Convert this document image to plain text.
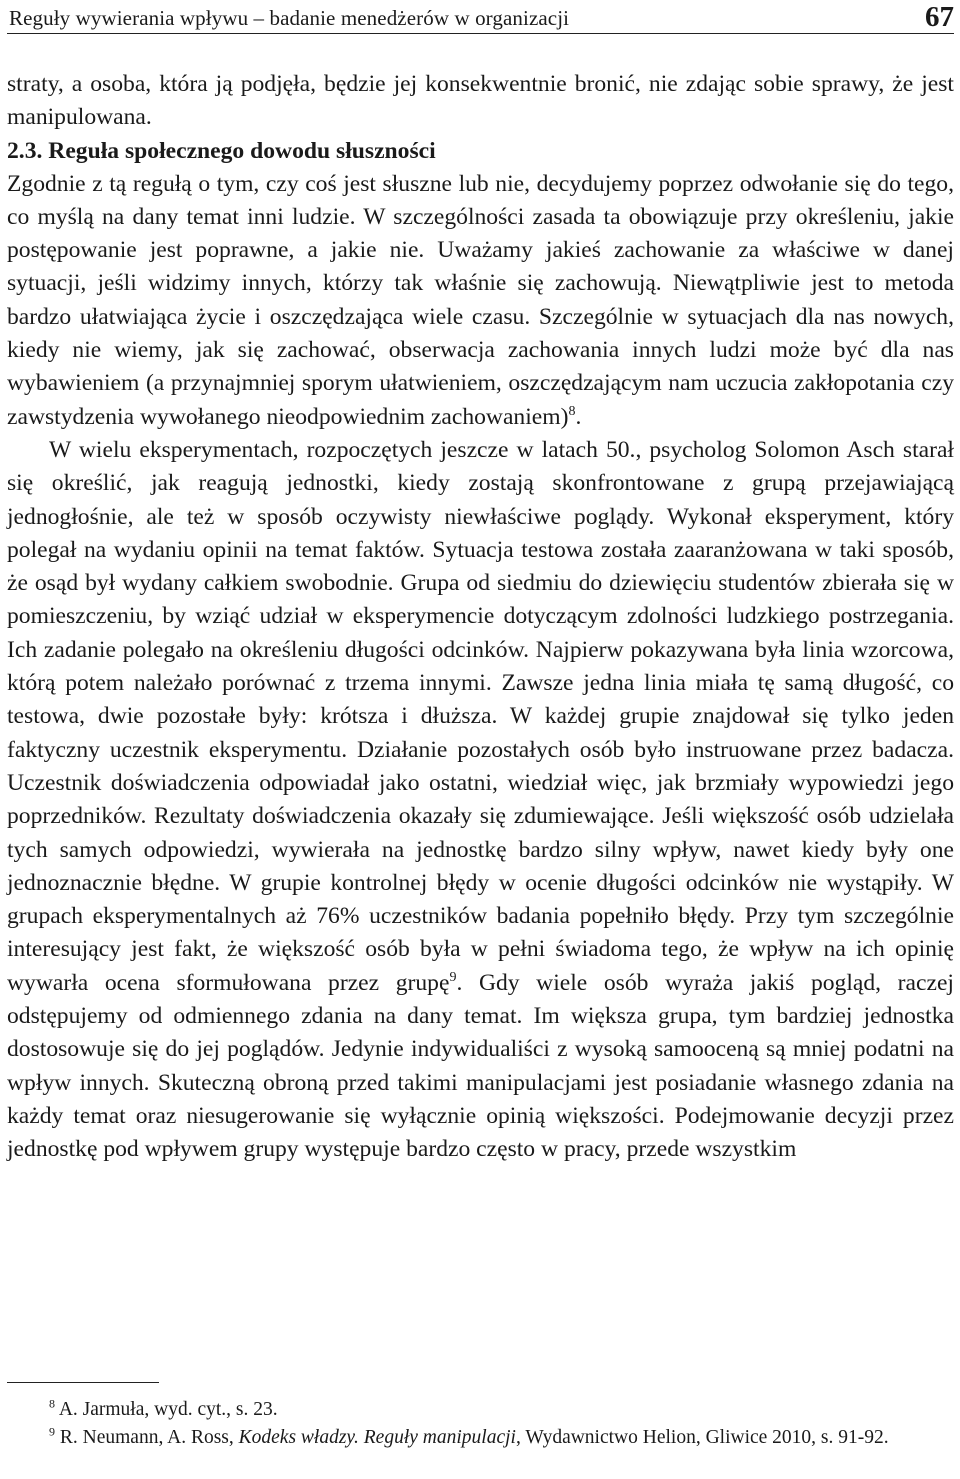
Reguły wywierania wpływu – badanie menedżerów w organizacji	67

straty, a osoba, która ją podjęła, będzie jej konsekwentnie bronić, nie zdając sobie sprawy, że jest manipulowana.

2.3. Reguła społecznego dowodu słuszności

Zgodnie z tą regułą o tym, czy coś jest słuszne lub nie, decydujemy poprzez odwołanie się do tego, co myślą na dany temat inni ludzie. W szczególności zasada ta obowiązuje przy określeniu, jakie postępowanie jest poprawne, a jakie nie. Uważamy jakieś zachowanie za właściwe w danej sytuacji, jeśli widzimy innych, którzy tak właśnie się zachowują. Niewątpliwie jest to metoda bardzo ułatwiająca życie i oszczędzająca wiele czasu. Szczególnie w sytuacjach dla nas nowych, kiedy nie wiemy, jak się zachować, obserwacja zachowania innych ludzi może być dla nas wybawieniem (a przynajmniej sporym ułatwieniem, oszczędzającym nam uczucia zakłopotania czy zawstydzenia wywołanego nieodpowiednim zachowaniem)$^8$.

W wielu eksperymentach, rozpoczętych jeszcze w latach 50., psycholog Solomon Asch starał się określić, jak reagują jednostki, kiedy zostają skonfrontowane z grupą przejawiającą jednogłośnie, ale też w sposób oczywisty niewłaściwe poglądy. Wykonał eksperyment, który polegał na wydaniu opinii na temat faktów. Sytuacja testowa została zaaranżowana w taki sposób, że osąd był wydany całkiem swobodnie. Grupa od siedmiu do dziewięciu studentów zbierała się w pomieszczeniu, by wziąć udział w eksperymencie dotyczącym zdolności ludzkiego postrzegania. Ich zadanie polegało na określeniu długości odcinków. Najpierw pokazywana była linia wzorcowa, którą potem należało porównać z trzema innymi. Zawsze jedna linia miała tę samą długość, co testowa, dwie pozostałe były: krótsza i dłuższa. W każdej grupie znajdował się tylko jeden faktyczny uczestnik eksperymentu. Działanie pozostałych osób było instruowane przez badacza. Uczestnik doświadczenia odpowiadał jako ostatni, wiedział więc, jak brzmiały wypowiedzi jego poprzedników. Rezultaty doświadczenia okazały się zdumiewające. Jeśli większość osób udzielała tych samych odpowiedzi, wywierała na jednostkę bardzo silny wpływ, nawet kiedy były one jednoznacznie błędne. W grupie kontrolnej błędy w ocenie długości odcinków nie wystąpiły. W grupach eksperymentalnych aż 76% uczestników badania popełniło błędy. Przy tym szczególnie interesujący jest fakt, że większość osób była w pełni świadoma tego, że wpływ na ich opinię wywarła ocena sformułowana przez grupę$^9$. Gdy wiele osób wyraża jakiś pogląd, raczej odstępujemy od odmiennego zdania na dany temat. Im większa grupa, tym bardziej jednostka dostosowuje się do jej poglądów. Jedynie indywidualiści z wysoką samooceną są mniej podatni na wpływ innych. Skuteczną obroną przed takimi manipulacjami jest posiadanie własnego zdania na każdy temat oraz niesugerowanie się wyłącznie opinią większości. Podejmowanie decyzji przez jednostkę pod wpływem grupy występuje bardzo często w pracy, przede wszystkim

$^8$ A. Jarmuła, wyd. cyt., s. 23.

$^9$ R. Neumann, A. Ross, Kodeks władzy. Reguły manipulacji, Wydawnictwo Helion, Gliwice 2010, s. 91-92.
